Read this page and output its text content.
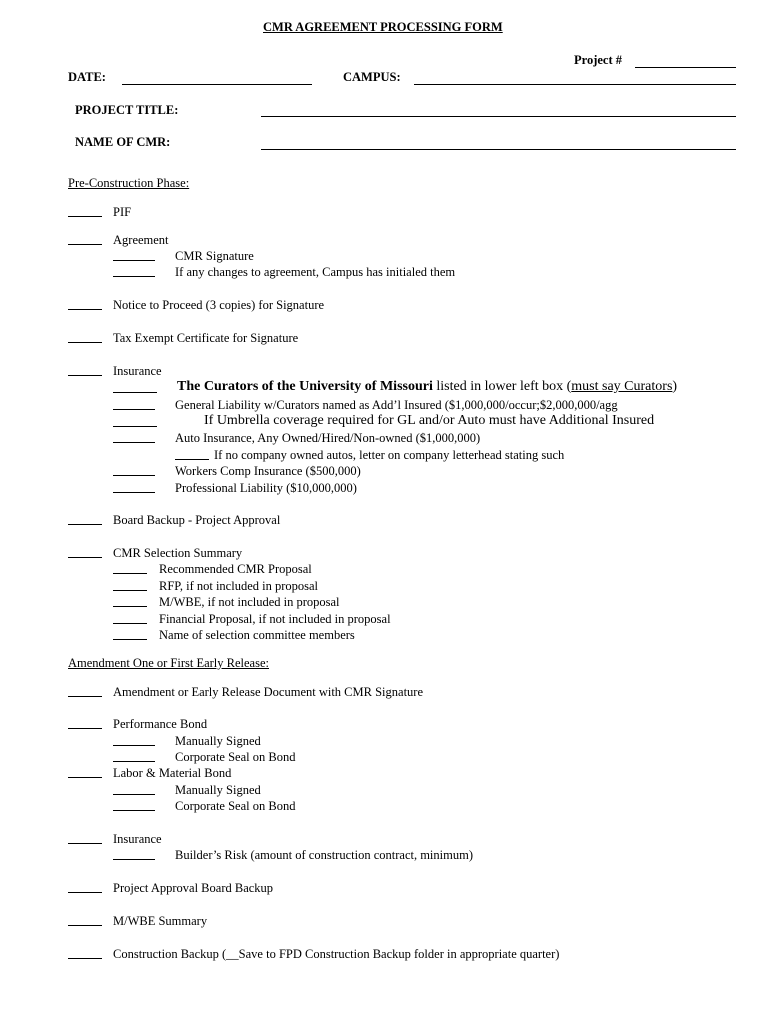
CMR AGREEMENT PROCESSING FORM
Project #
DATE:	CAMPUS:
PROJECT TITLE:
NAME OF CMR:
Pre-Construction Phase:
PIF
Agreement
CMR Signature
If any changes to agreement, Campus has initialed them
Notice to Proceed (3 copies) for Signature
Tax Exempt Certificate for Signature
Insurance
The Curators of the University of Missouri listed in lower left box (must say Curators)
General Liability w/Curators named as Add’l Insured ($1,000,000/occur;$2,000,000/agg
If Umbrella coverage required for GL and/or Auto must have Additional Insured
Auto Insurance, Any Owned/Hired/Non-owned ($1,000,000)
If no company owned autos, letter on company letterhead stating such
Workers Comp Insurance ($500,000)
Professional Liability ($10,000,000)
Board Backup - Project Approval
CMR Selection Summary
Recommended CMR Proposal
RFP, if not included in proposal
M/WBE, if not included in proposal
Financial Proposal, if not included in proposal
Name of selection committee members
Amendment One or First Early Release:
Amendment or Early Release Document with CMR Signature
Performance Bond
Manually Signed
Corporate Seal on Bond
Labor & Material Bond
Manually Signed
Corporate Seal on Bond
Insurance
Builder’s Risk (amount of construction contract, minimum)
Project Approval Board Backup
M/WBE Summary
Construction Backup (__Save to FPD Construction Backup folder in appropriate quarter)
